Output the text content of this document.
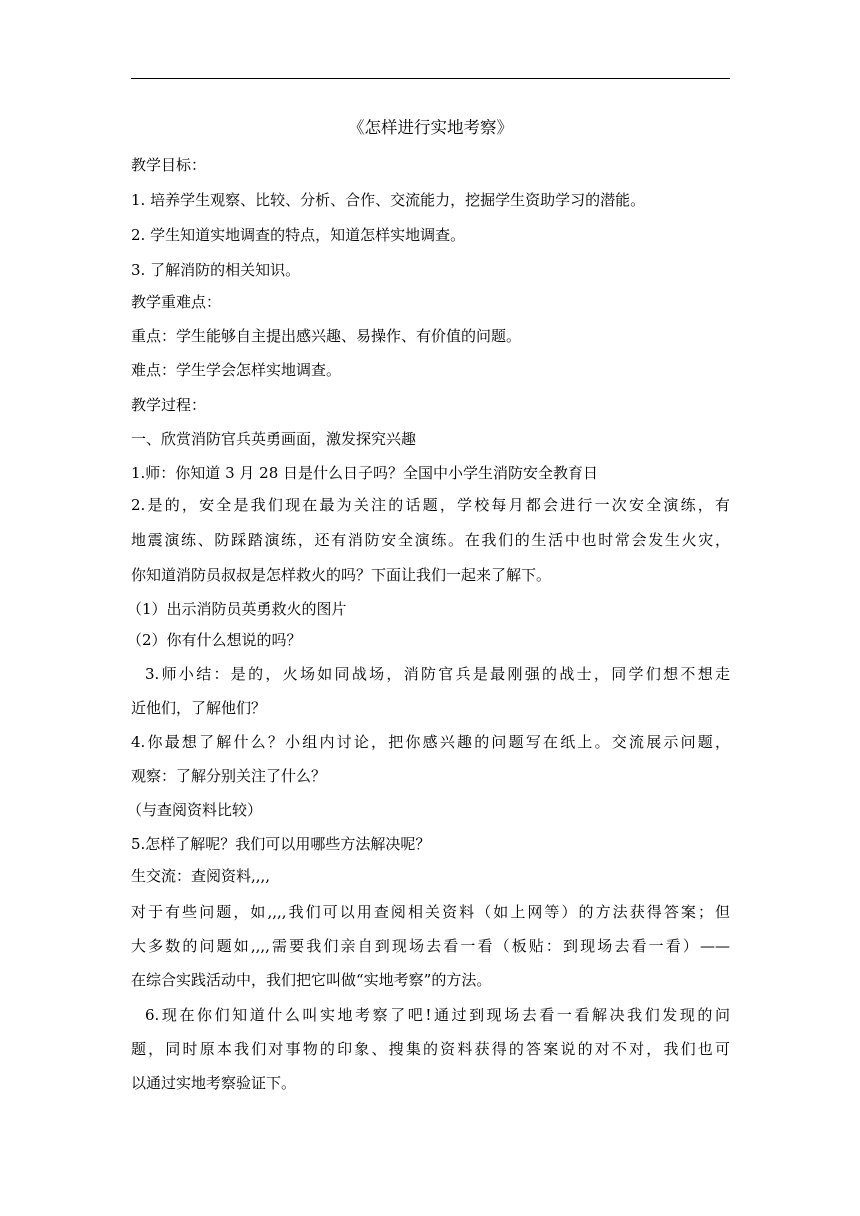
《怎样进行实地考察》

教学目标：

1. 培养学生观察、比较、分析、合作、交流能力，挖掘学生资助学习的潜能。

2. 学生知道实地调查的特点，知道怎样实地调查。

3. 了解消防的相关知识。

教学重难点：

重点：学生能够自主提出感兴趣、易操作、有价值的问题。

难点：学生学会怎样实地调查。

教学过程：

一、欣赏消防官兵英勇画面，激发探究兴趣

1.师：你知道 3 月 28 日是什么日子吗？全国中小学生消防安全教育日

2.是的，安全是我们现在最为关注的话题，学校每月都会进行一次安全演练，有

地震演练、防踩踏演练，还有消防安全演练。在我们的生活中也时常会发生火灾，

你知道消防员叔叔是怎样救火的吗？下面让我们一起来了解下。

（1）出示消防员英勇救火的图片

（2）你有什么想说的吗？

3.师小结：是的，火场如同战场，消防官兵是最刚强的战士，同学们想不想走

近他们，了解他们？

4.你最想了解什么？小组内讨论，把你感兴趣的问题写在纸上。交流展示问题，

观察：了解分别关注了什么？

（与查阅资料比较）

5.怎样了解呢？我们可以用哪些方法解决呢？

生交流：查阅资料,,,,

对于有些问题，如,,,,我们可以用查阅相关资料（如上网等）的方法获得答案；但

大多数的问题如,,,,需要我们亲自到现场去看一看（板贴：到现场去看一看）——

在综合实践活动中，我们把它叫做“实地考察”的方法。

6.现在你们知道什么叫实地考察了吧!通过到现场去看一看解决我们发现的问

题，同时原本我们对事物的印象、搜集的资料获得的答案说的对不对，我们也可

以通过实地考察验证下。
